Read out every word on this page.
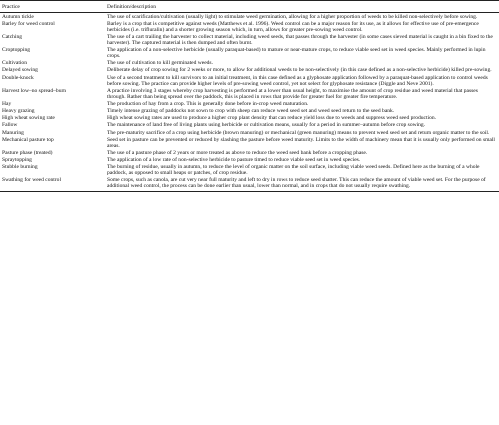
Practice	Definition/description
Autumn tickle	The use of scarification/cultivation (usually light) to stimulate weed germination, allowing for a higher proportion of weeds to be killed non-selectively before sowing.
Barley for weed control	Barley is a crop that is competitive against weeds (Matthews et al. 1996). Weed control can be a major reason for its use, as it allows for effective use of pre-emergence herbicides (i.e. trifluralin) and a shorter growing season which, in turn, allows for greater pre-sowing weed control.
Catching	The use of a cart trailing the harvester to collect material, including weed seeds, that passes through the harvester (in some cases sieved material is caught in a bin fixed to the harvester). The captured material is then dumped and often burnt.
Croptopping	The application of a non-selective herbicide (usually paraquat-based) to mature or near-mature crops, to reduce viable seed set in weed species. Mainly performed in lupin crops.
Cultivation	The use of cultivation to kill germinated weeds.
Delayed sowing	Deliberate delay of crop sowing for 2 weeks or more, to allow for additional weeds to be non-selectively (in this case defined as a non-selective herbicide) killed pre-sowing.
Double-knock	Use of a second treatment to kill survivors to an initial treatment, in this case defined as a glyphosate application followed by a paraquat-based application to control weeds before sowing. The practice can provide higher levels of pre-sowing weed control, yet not select for glyphosate resistance (Diggle and Neve 2001).
Harvest low–no spread–burn	A practice involving 3 stages whereby crop harvesting is performed at a lower than usual height, to maximise the amount of crop residue and weed material that passes through. Rather than being spread over the paddock, this is placed in rows that provide for greater fuel for greater fire temperature.
Hay	The production of hay from a crop. This is generally done before in-crop weed maturation.
Heavy grazing	Timely intense grazing of paddocks not sown to crop with sheep can reduce weed seed set and weed seed return to the seed bank.
High wheat sowing rate	High wheat sowing rates are used to produce a higher crop plant density that can reduce yield loss due to weeds and suppress weed seed production.
Fallow	The maintenance of land free of living plants using herbicide or cultivation means, usually for a period in summer–autumn before crop sowing.
Manuring	The pre-maturity sacrifice of a crop using herbicide (brown manuring) or mechanical (green manuring) means to prevent weed seed set and return organic matter to the soil.
Mechanical pasture top	Seed set in pasture can be prevented or reduced by slashing the pasture before weed maturity. Limits to the width of machinery mean that it is usually only performed on small areas.
Pasture phase (treated)	The use of a pasture phase of 2 years or more treated as above to reduce the weed seed bank before a cropping phase.
Spraytopping	The application of a low rate of non-selective herbicide to pasture timed to reduce viable seed set in weed species.
Stubble burning	The burning of residue, usually in autumn, to reduce the level of organic matter on the soil surface, including viable weed seeds. Defined here as the burning of a whole paddock, as opposed to small heaps or patches, of crop residue.
Swathing for weed control	Some crops, such as canola, are cut very near full maturity and left to dry in rows to reduce seed shatter. This can reduce the amount of viable weed set. For the purpose of additional weed control, the process can be done earlier than usual, lower than normal, and in crops that do not usually require swathing.
